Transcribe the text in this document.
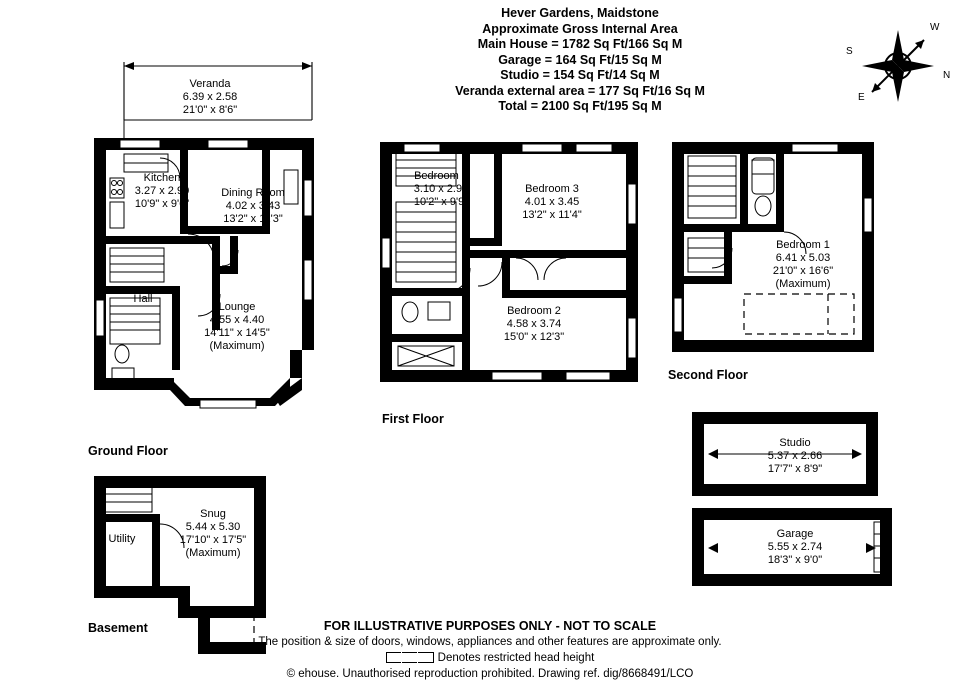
Hever Gardens, Maidstone
Approximate Gross Internal Area
Main House = 1782 Sq Ft/166 Sq M
Garage = 164 Sq Ft/15 Sq M
Studio = 154 Sq Ft/14 Sq M
Veranda external area = 177 Sq Ft/16 Sq M
Total = 2100 Sq Ft/195 Sq M
W
S
N
E
Veranda
6.39 x 2.58
21'0" x 8'6"
Kitchen
3.27 x 2.90
10'9" x 9'6"
Dining Room
4.02 x 3.43
13'2" x 11'3"
Hall
Lounge
4.55 x 4.40
14'11" x 14'5"
(Maximum)
Ground Floor
Bedroom 4
3.10 x 2.96
10'2" x 9'9"
Bedroom 3
4.01 x 3.45
13'2" x 11'4"
Bedroom 2
4.58 x 3.74
15'0" x 12'3"
First Floor
Bedroom 1
6.41 x 5.03
21'0" x 16'6"
(Maximum)
Second Floor
Studio
5.37 x 2.66
17'7" x 8'9"
Garage
5.55 x 2.74
18'3" x 9'0"
Snug
5.44 x 5.30
17'10" x 17'5"
(Maximum)
Utility
Basement	FOR ILLUSTRATIVE PURPOSES ONLY - NOT TO SCALE
The position & size of doors, windows, appliances and other features are approximate only.
Denotes restricted head height
© ehouse. Unauthorised reproduction prohibited. Drawing ref. dig/8668491/LCO
